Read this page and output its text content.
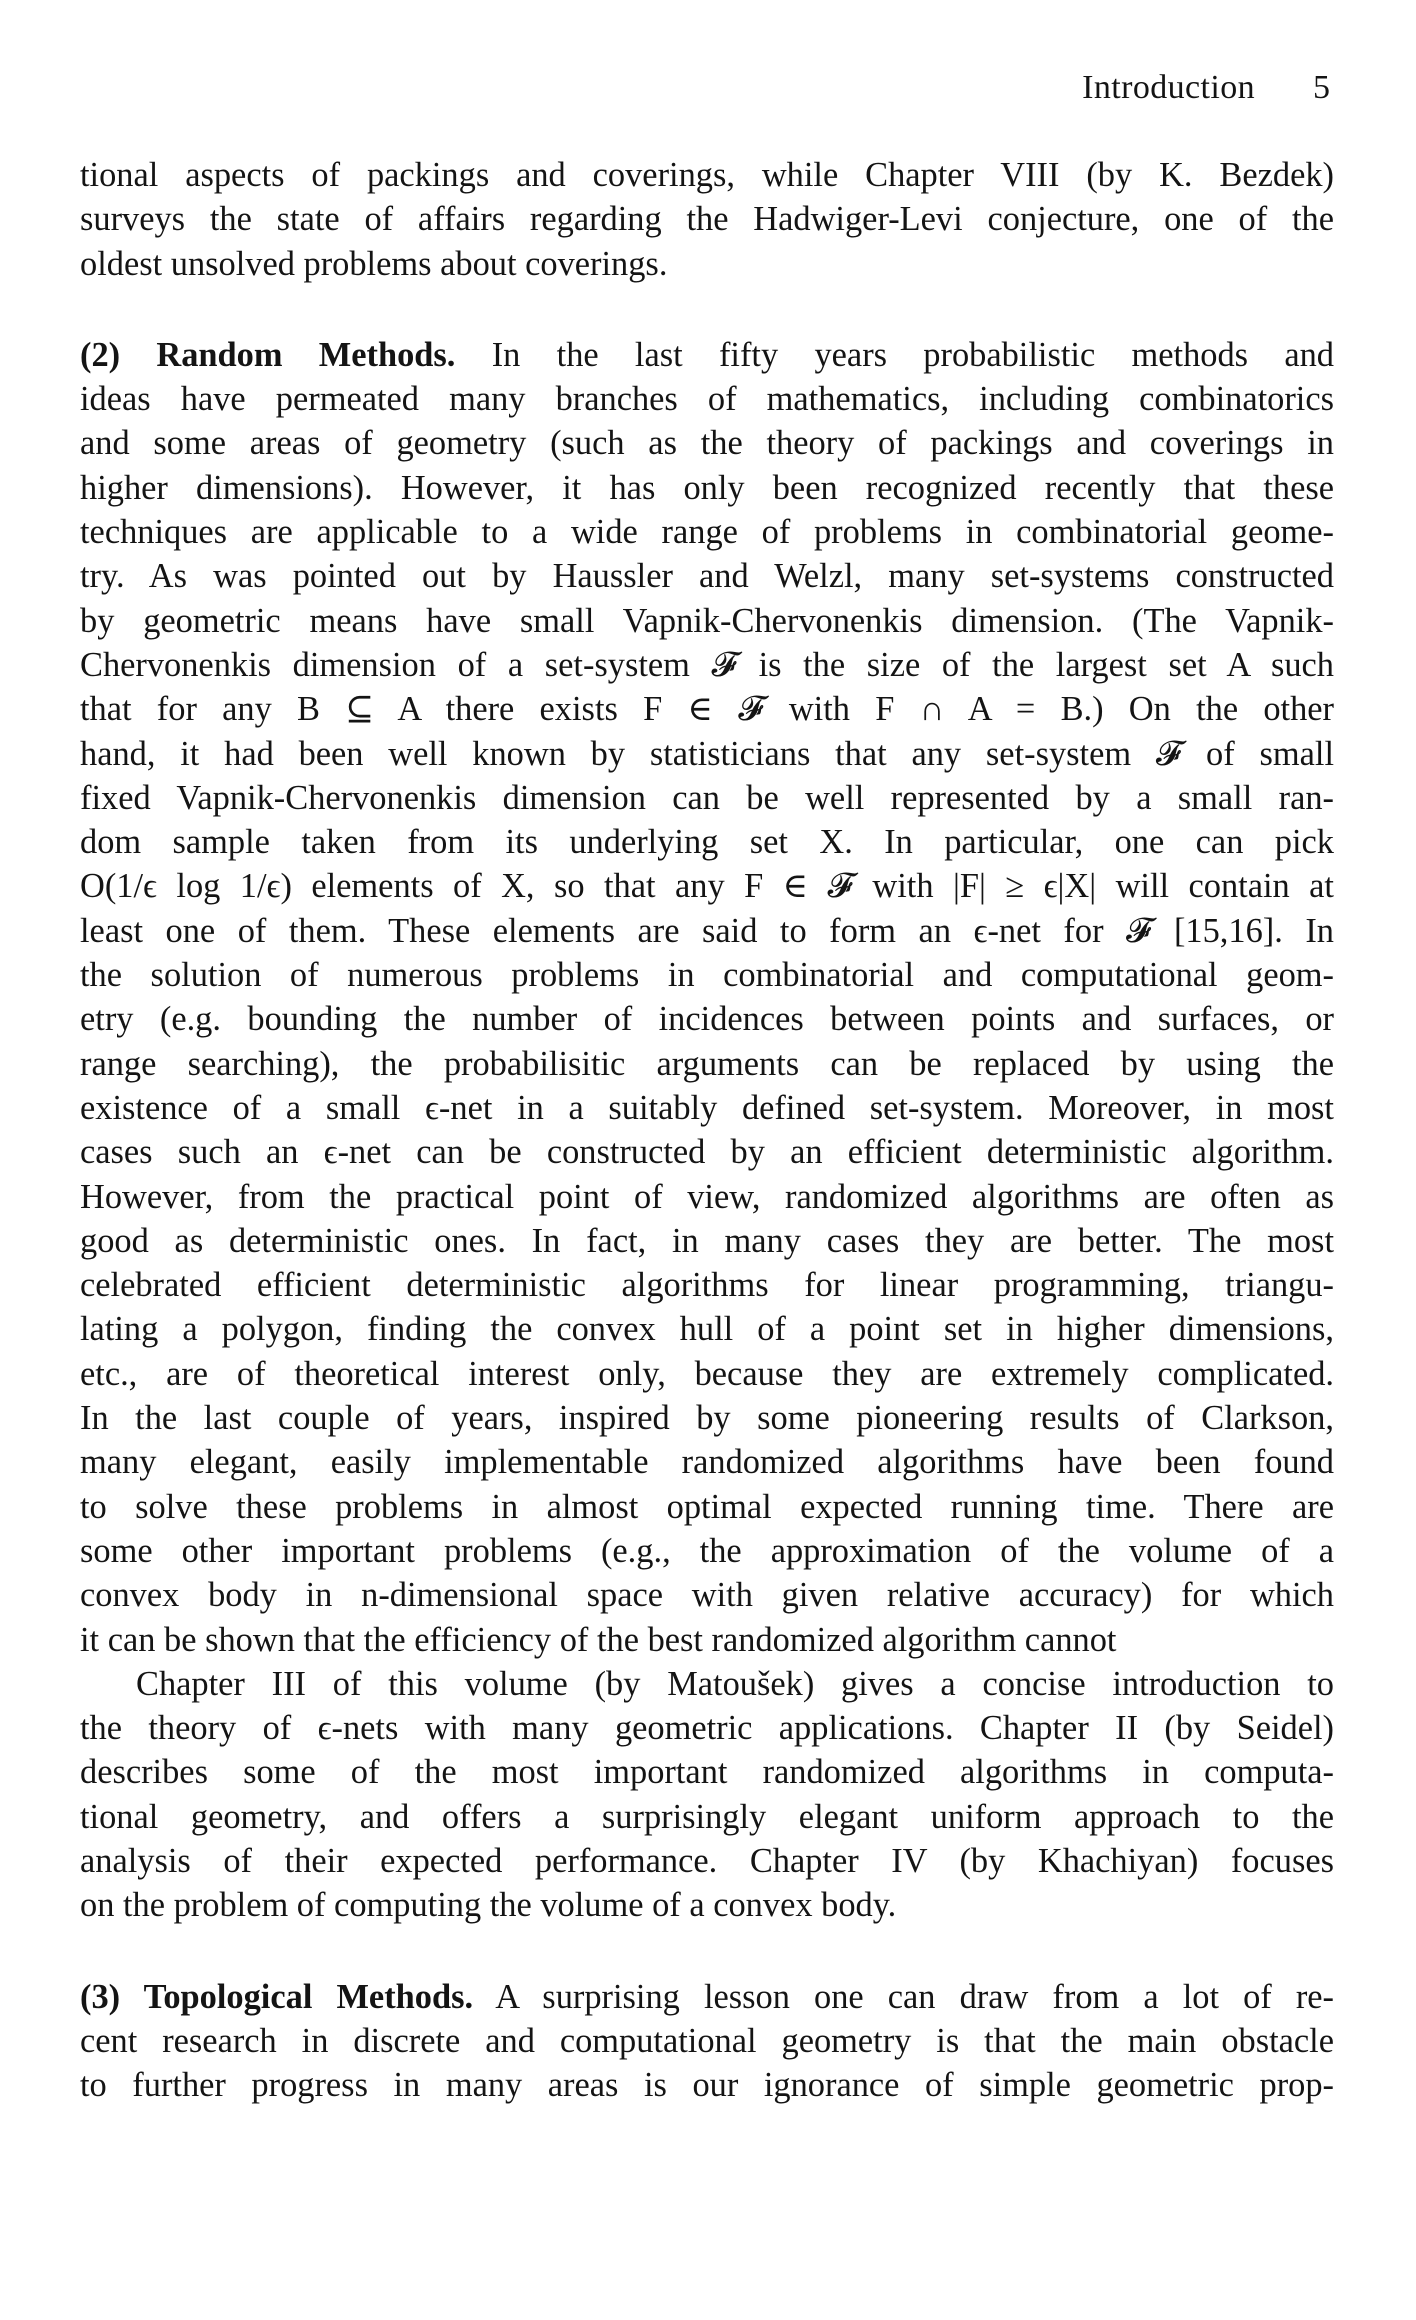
Introduction 5
tional aspects of packings and coverings, while Chapter VIII (by K. Bezdek)
surveys the state of affairs regarding the Hadwiger-Levi conjecture, one of the
oldest unsolved problems about coverings.
(2) Random Methods. In the last fifty years probabilistic methods and
ideas have permeated many branches of mathematics, including combinatorics
and some areas of geometry (such as the theory of packings and coverings in
higher dimensions). However, it has only been recognized recently that these
techniques are applicable to a wide range of problems in combinatorial geome-
try. As was pointed out by Haussler and Welzl, many set-systems constructed
by geometric means have small Vapnik-Chervonenkis dimension. (The Vapnik-
Chervonenkis dimension of a set-system 𝓕 is the size of the largest set A such
that for any B ⊆ A there exists F ∈ 𝓕 with F ∩ A = B.) On the other
hand, it had been well known by statisticians that any set-system 𝓕 of small
fixed Vapnik-Chervonenkis dimension can be well represented by a small ran-
dom sample taken from its underlying set X. In particular, one can pick
O(1/ϵ log 1/ϵ) elements of X, so that any F ∈ 𝓕 with |F| ≥ ϵ|X| will contain at
least one of them. These elements are said to form an ϵ-net for 𝓕 [15,16]. In
the solution of numerous problems in combinatorial and computational geom-
etry (e.g. bounding the number of incidences between points and surfaces, or
range searching), the probabilisitic arguments can be replaced by using the
existence of a small ϵ-net in a suitably defined set-system. Moreover, in most
cases such an ϵ-net can be constructed by an efficient deterministic algorithm.
However, from the practical point of view, randomized algorithms are often as
good as deterministic ones. In fact, in many cases they are better. The most
celebrated efficient deterministic algorithms for linear programming, triangu-
lating a polygon, finding the convex hull of a point set in higher dimensions,
etc., are of theoretical interest only, because they are extremely complicated.
In the last couple of years, inspired by some pioneering results of Clarkson,
many elegant, easily implementable randomized algorithms have been found
to solve these problems in almost optimal expected running time. There are
some other important problems (e.g., the approximation of the volume of a
convex body in n-dimensional space with given relative accuracy) for which
it can be shown that the efficiency of the best randomized algorithm cannot
Chapter III of this volume (by Matoušek) gives a concise introduction to
the theory of ϵ-nets with many geometric applications. Chapter II (by Seidel)
describes some of the most important randomized algorithms in computa-
tional geometry, and offers a surprisingly elegant uniform approach to the
analysis of their expected performance. Chapter IV (by Khachiyan) focuses
on the problem of computing the volume of a convex body.
(3) Topological Methods. A surprising lesson one can draw from a lot of re-
cent research in discrete and computational geometry is that the main obstacle
to further progress in many areas is our ignorance of simple geometric prop-
